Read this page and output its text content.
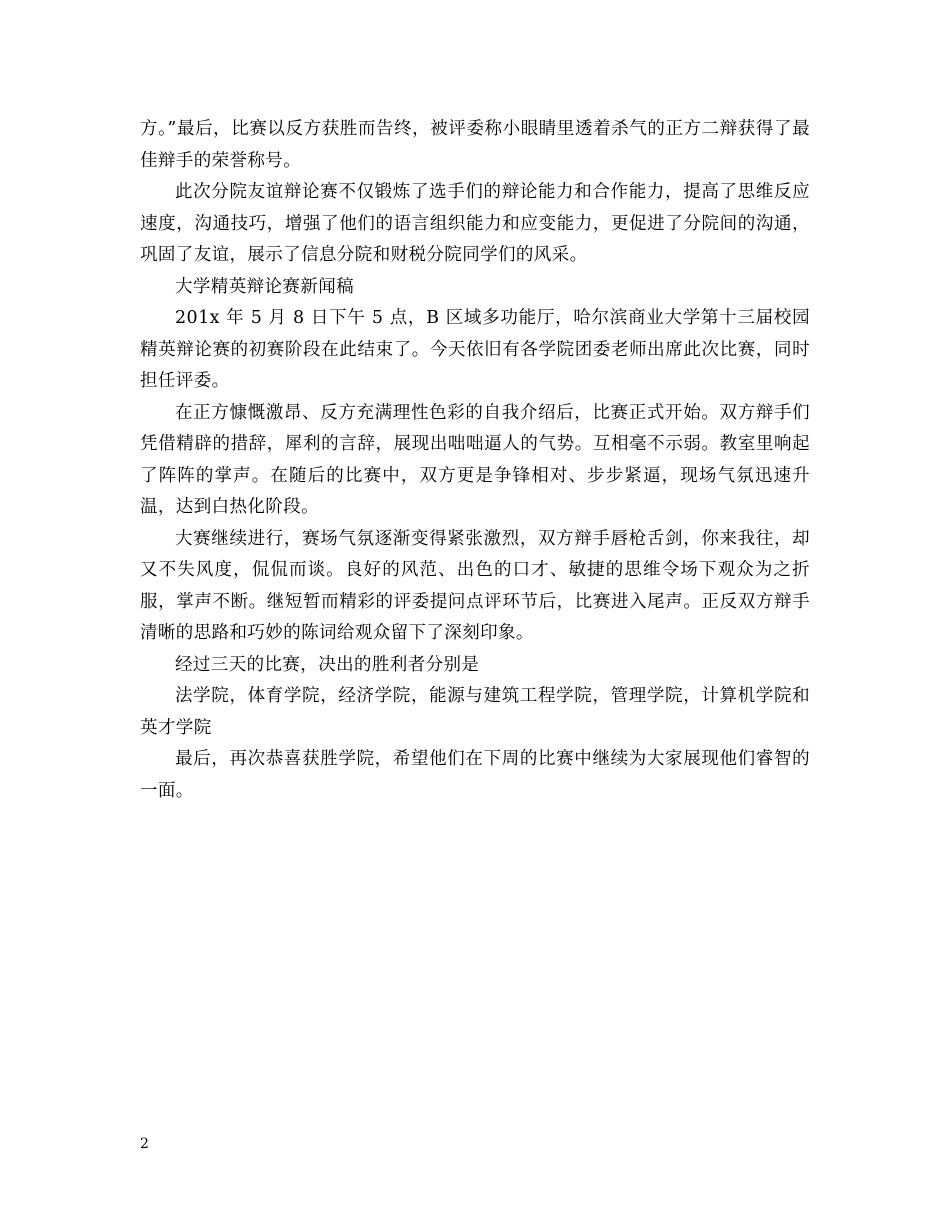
方。”最后，比赛以反方获胜而告终，被评委称小眼睛里透着杀气的正方二辩获得了最佳辩手的荣誉称号。

此次分院友谊辩论赛不仅锻炼了选手们的辩论能力和合作能力，提高了思维反应速度，沟通技巧，增强了他们的语言组织能力和应变能力，更促进了分院间的沟通，巩固了友谊，展示了信息分院和财税分院同学们的风采。

大学精英辩论赛新闻稿

201x 年 5 月 8 日下午 5 点，B 区域多功能厅，哈尔滨商业大学第十三届校园精英辩论赛的初赛阶段在此结束了。今天依旧有各学院团委老师出席此次比赛，同时担任评委。

在正方慷慨激昂、反方充满理性色彩的自我介绍后，比赛正式开始。双方辩手们凭借精辟的措辞，犀利的言辞，展现出咄咄逼人的气势。互相毫不示弱。教室里响起了阵阵的掌声。在随后的比赛中，双方更是争锋相对、步步紧逼，现场气氛迅速升温，达到白热化阶段。

大赛继续进行，赛场气氛逐渐变得紧张激烈，双方辩手唇枪舌剑，你来我往，却又不失风度，侃侃而谈。良好的风范、出色的口才、敏捷的思维令场下观众为之折服，掌声不断。继短暂而精彩的评委提问点评环节后，比赛进入尾声。正反双方辩手清晰的思路和巧妙的陈词给观众留下了深刻印象。

经过三天的比赛，决出的胜利者分别是

法学院，体育学院，经济学院，能源与建筑工程学院，管理学院，计算机学院和英才学院

最后，再次恭喜获胜学院，希望他们在下周的比赛中继续为大家展现他们睿智的一面。

2
